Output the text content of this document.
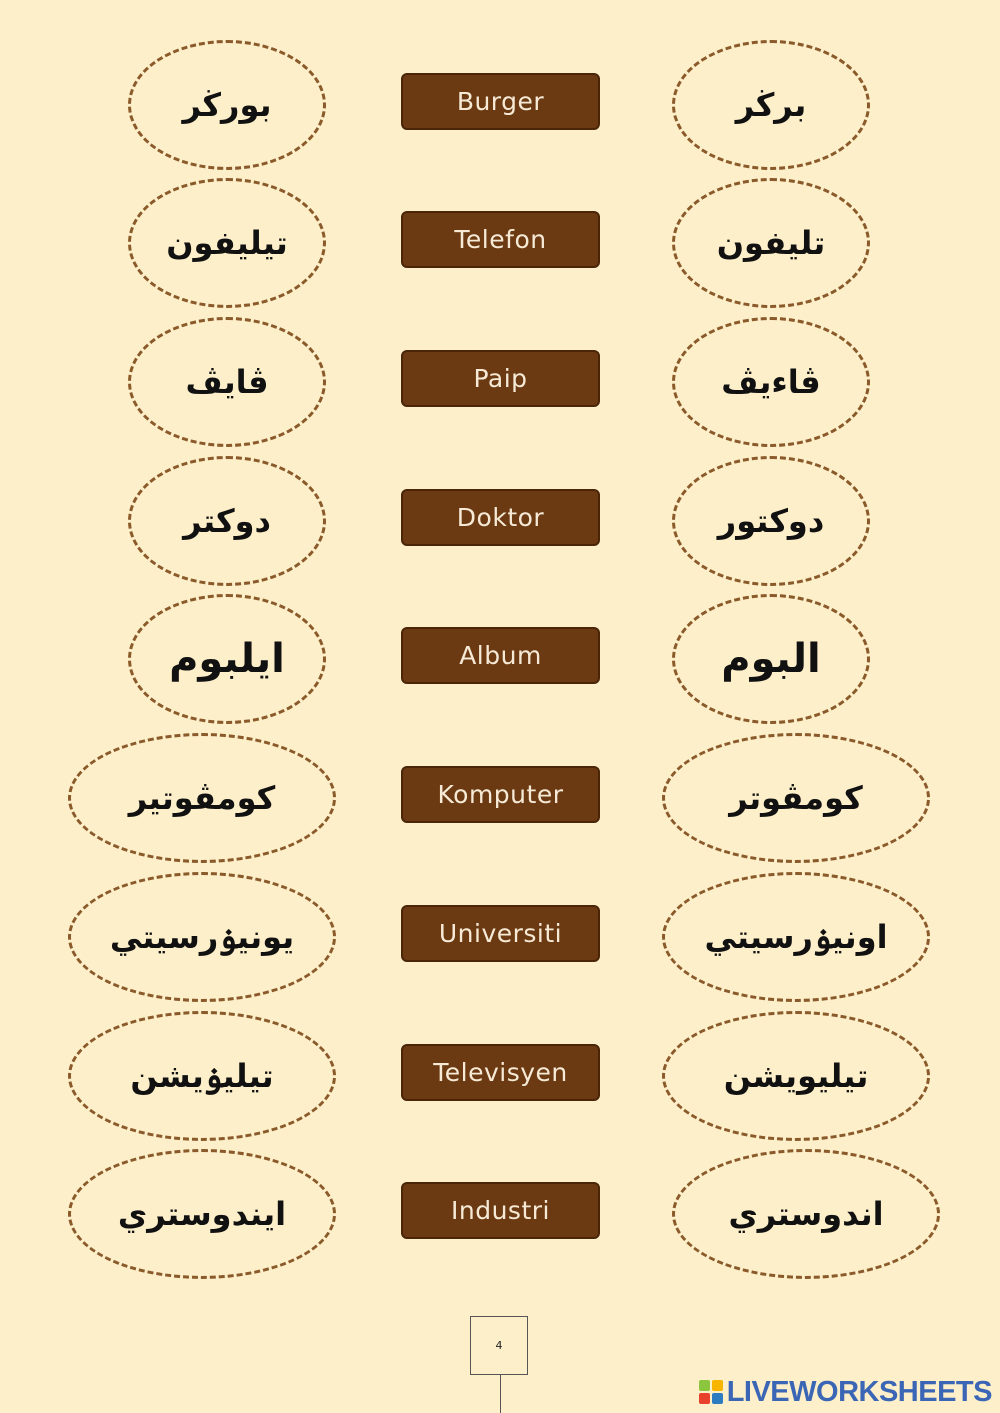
بورڬر	Burger	برڬر
تيليفون	Telefon	تليفون
ڤايڤ	Paip	ڤاءيڤ
دوكتر	Doktor	دوكتور
ايلبوم	Album	البوم
كومڤوتير	Komputer	كومڤوتر
يونيۏرسيتي	Universiti	اونيۏرسيتي
تيليۏيشن	Televisyen	تيليويشن
ايندوستري	Industri	اندوستري
4
LIVEWORKSHEETS
